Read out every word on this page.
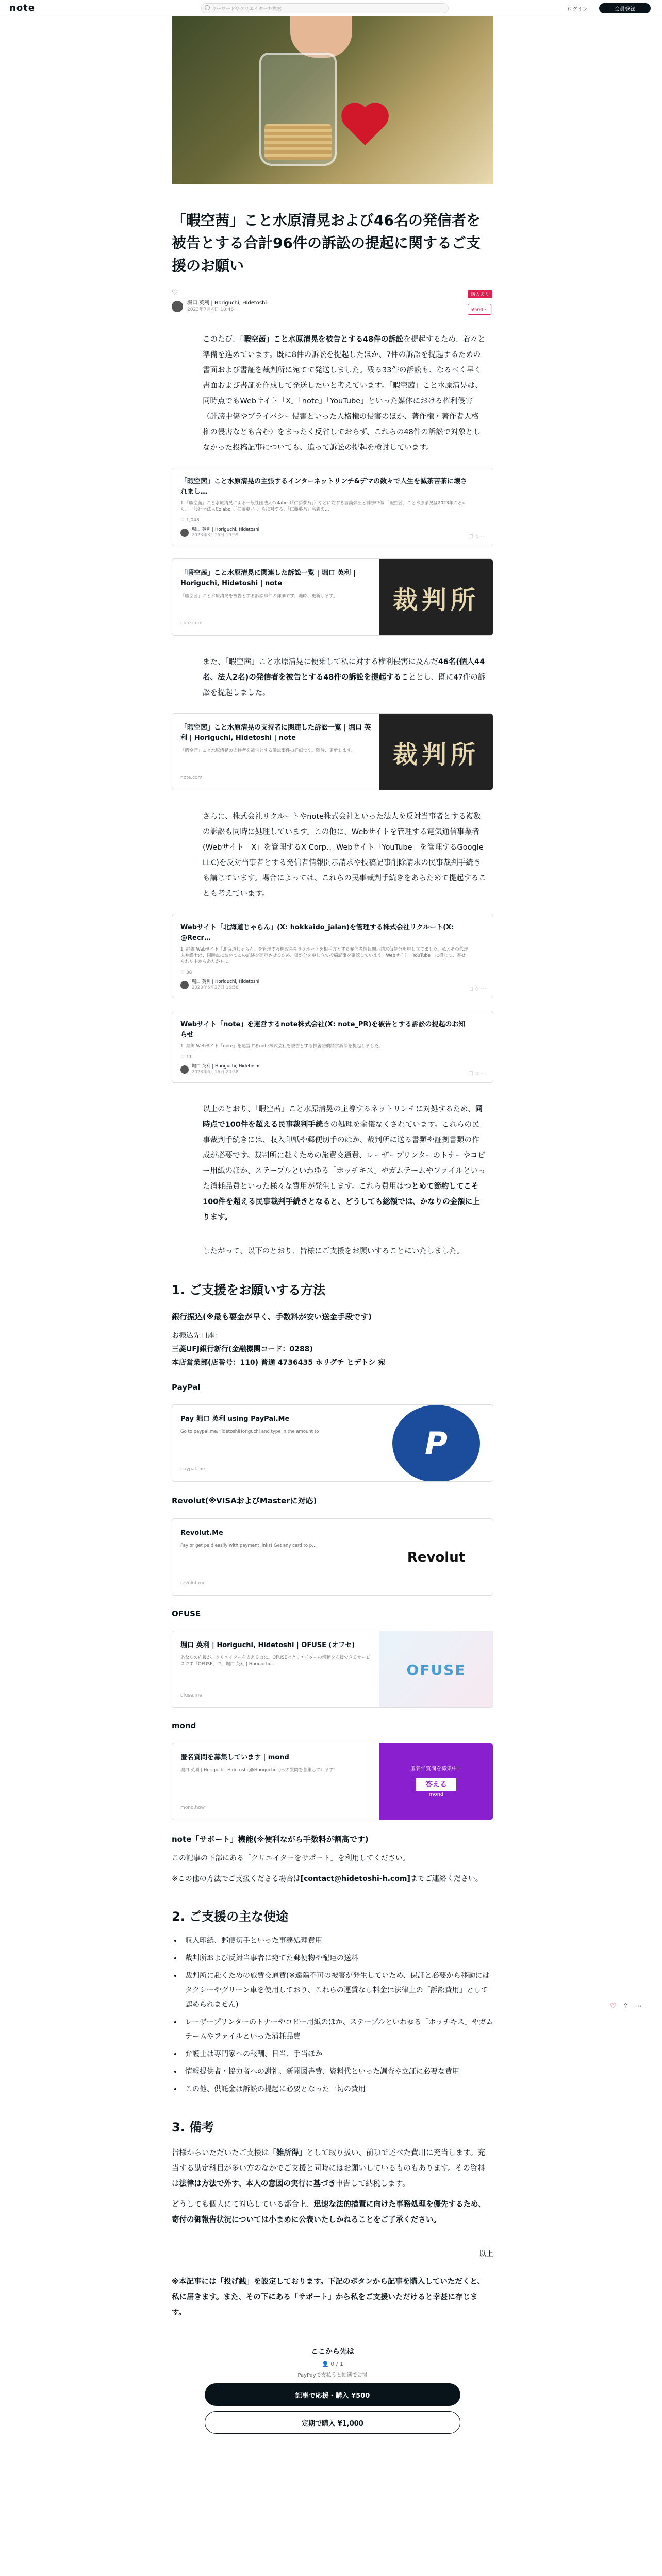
note	キーワードやクリエイターで検索	ログイン	会員登録
♡ ⇪ ⋯
「暇空茜」こと水原清晃および46名の発信者を被告とする合計96件の訴訟の提起に関するご支援のお願い
♡	購入あり
堀口 英利 | Horiguchi, Hidetoshi
2023年7月4日 10:46	¥500〜
このたび、「暇空茜」こと水原清晃を被告とする48件の訴訟を提起するため、着々と準備を進めています。既に8件の訴訟を提起したほか、7件の訴訟を提起するための書面および書証を裁判所に宛てて発送しました。残る33件の訴訟も、なるべく早く書面および書証を作成して発送したいと考えています。「暇空茜」こと水原清晃は、同時点でもWebサイト「X」「note」「YouTube」といった媒体における権利侵害（誹謗中傷やプライバシー侵害といった人格権の侵害のほか、著作権・著作者人格権の侵害なども含む）をまったく反省しておらず、これらの48件の訴訟で対象としなかった投稿記事についても、追って訴訟の提起を検討しています。
「暇空茜」こと水原清晃の主張するインターネットリンチ&デマの数々で人生を滅茶苦茶に壊されまし…
1.「暇空茜」こと水原清晃による一般社団法人Colabo（「仁藤夢乃」）などに対する言論弾圧と誹謗中傷 「暇空茜」こと水原清晃は2023年ころから、一般社団法人Colabo（「仁藤夢乃」）らに対する、「仁藤夢乃」名義の…
♡ 1,048
堀口 英利 | Horiguchi, Hidetoshi
2023年3月16日 19:59	□ ◇ ⋯
「暇空茜」こと水原清晃に関連した訴訟一覧 | 堀口 英利 | Horiguchi, Hidetoshi | note
「暇空茜」こと水原清晃を被告とする訴訟事件の詳細です。随時、更新します。
note.com
裁判所
また、「暇空茜」こと水原清晃に便乗して私に対する権利侵害に及んだ46名(個人44名、法人2名)の発信者を被告とする48件の訴訟を提起することとし、既に47件の訴訟を提起しました。
「暇空茜」こと水原清晃の支持者に関連した訴訟一覧 | 堀口 英利 | Horiguchi, Hidetoshi | note
「暇空茜」こと水原清晃の支持者を被告とする訴訟事件の詳細です。随時、更新します。
note.com
裁判所
さらに、株式会社リクルートやnote株式会社といった法人を反対当事者とする複数の訴訟も同時に処理しています。この他に、Webサイトを管理する電気通信事業者(Webサイト「X」を管理するX Corp.、Webサイト「YouTube」を管理するGoogle LLC)を反対当事者とする発信者情報開示請求や投稿記事削除請求の民事裁判手続きも講じています。場合によっては、これらの民事裁判手続きをあらためて提起することも考えています。
Webサイト「北海道じゃらん」(X: hokkaido_jalan)を管理する株式会社リクルート(X: @Recr…
1. 経緯 Webサイト「北海道じゃらん」を管理する株式会社リクルートを相手方とする発信者情報開示請求仮処分を申し立てました。私とその代理人弁護士は、同時点においてこの記述を開示させるため、仮処分を申し立て投稿記事を確認しています。Webサイト「YouTube」に投じて、寄せられた中からあたかも…
♡ 38
堀口 英利 | Horiguchi, Hidetoshi
2023年6月27日 16:58	□ ◇ ⋯
Webサイト「note」を運営するnote株式会社(X: note_PR)を被告とする訴訟の提起のお知らせ
1. 経緯 Webサイト「note」を運営するnote株式会社を被告とする損害賠償請求訴訟を提起しました。
♡ 11
堀口 英利 | Horiguchi, Hidetoshi
2023年6月16日 20:58	□ ◇ ⋯
以上のとおり、「暇空茜」こと水原清晃の主導するネットリンチに対処するため、同時点で100件を超える民事裁判手続きの処理を余儀なくされています。これらの民事裁判手続きには、収入印紙や郵便切手のほか、裁判所に送る書類や証拠書類の作成が必要です。裁判所に赴くための旅費交通費、レーザープリンターのトナーやコピー用紙のほか、ステープルといわゆる「ホッチキス」やガムテームやファイルといった消耗品費といった様々な費用が発生します。これら費用はつとめて節約してこそ100件を超える民事裁判手続きとなると、どうしても総額では、かなりの金額に上ります。
したがって、以下のとおり、皆様にご支援をお願いすることにいたしました。
1. ご支援をお願いする方法
銀行振込(※最も要金が早く、手数料が安い送金手段です)
お振込先口座：
三菱UFJ銀行新行(金融機関コード：0288)
本店営業部(店番号：110) 普通 4736435 ホリグチ ヒデトシ 宛
PayPal
Pay 堀口 英利 using PayPal.Me
Go to paypal.me/HidetoshiHoriguchi and type in the amount to
paypal.me
P
Revolut(※VISAおよびMasterに対応)
Revolut.Me
Pay or get paid easily with payment links! Get any card to p…
revolut.me
Revolut
OFUSE
堀口 英利 | Horiguchi, Hidetoshi | OFUSE (オフセ)
あなたの応援が、クリエイターを支える力に。OFUSEはクリエイターの活動を応援できるサービスです「OFUSE」で、堀口 英利 | Horiguchi…
ofuse.me
OFUSE
mond
匿名質問を募集しています | mond
堀口 英利 | Horiguchi, Hidetoshi(@Horiguchi...)への質問を募集しています！
mond.how
匿名で質問を募集中！
答える
mond
note「サポート」機能(※便利ながら手数料が割高です)
この記事の下部にある「クリエイターをサポート」を利用してください。
※この他の方法でご支援くださる場合は[contact@hidetoshi-h.com]までご連絡ください。
2. ご支援の主な使途
• 収入印紙、郵便切手といった事務処理費用
• 裁判所および反対当事者に宛てた郵便物や配達の送料
• 裁判所に赴くための旅費交通費(※遠隔不可の被害が発生していため、保証と必要から移動にはタクシーやグリーン車を使用しており、これらの運賃なし料金は法律上の「訴訟費用」として認められません)
• レーザープリンターのトナーやコピー用紙のほか、ステープルといわゆる「ホッチキス」やガムテームやファイルといった消耗品費
• 弁護士は専門家への報酬、日当、手当ほか
• 情報提供者・協力者への謝礼、新聞図書費、資料代といった調査や立証に必要な費用
• この他、供託金は訴訟の提起に必要となった一切の費用
3. 備考
皆様からいただいたご支援は「雑所得」として取り扱い、前項で述べた費用に充当します。充当する勘定科目が多い方のなかでご支援と同時にはお願いしているものもあります。その資料は法律は方法で外す、本人の意図の実行に基づき申告して納税します。
どうしても個人にて対応している都合上、迅速な法的措置に向けた事務処理を優先するため、寄付の御報告状況については小まめに公表いたしかねることをご了承ください。
以上
※本記事には「投げ銭」を設定しております。下記のボタンから記事を購入していただくと、私に届きます。また、その下にある「サポート」から私をご支援いただけると幸甚に存じます。
ここから先は
👤 0 / 1
PayPayで支払うと抽選でお得
記事で応援・購入 ¥500
定期で購入 ¥1,000
